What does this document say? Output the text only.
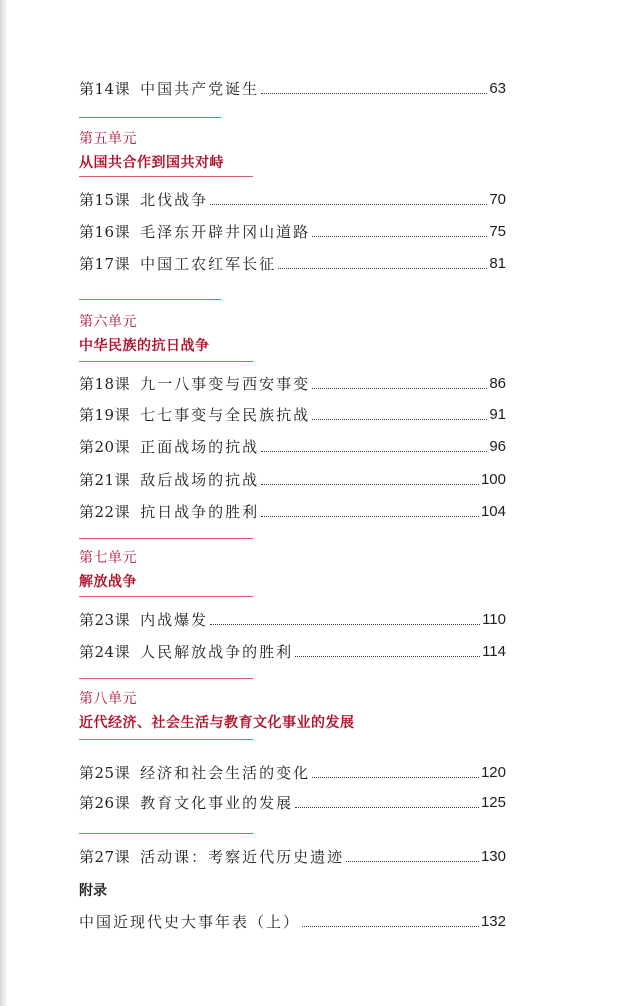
第14课 中国共产党诞生	63
第五单元
从国共合作到国共对峙
第15课 北伐战争	70
第16课 毛泽东开辟井冈山道路	75
第17课 中国工农红军长征	81
第六单元
中华民族的抗日战争
第18课 九一八事变与西安事变	86
第19课 七七事变与全民族抗战	91
第20课 正面战场的抗战	96
第21课 敌后战场的抗战	100
第22课 抗日战争的胜利	104
第七单元
解放战争
第23课 内战爆发	110
第24课 人民解放战争的胜利	114
第八单元
近代经济、社会生活与教育文化事业的发展
第25课 经济和社会生活的变化	120
第26课 教育文化事业的发展	125
第27课 活动课：考察近代历史遗迹	130
附录
中国近现代史大事年表（上）	132
